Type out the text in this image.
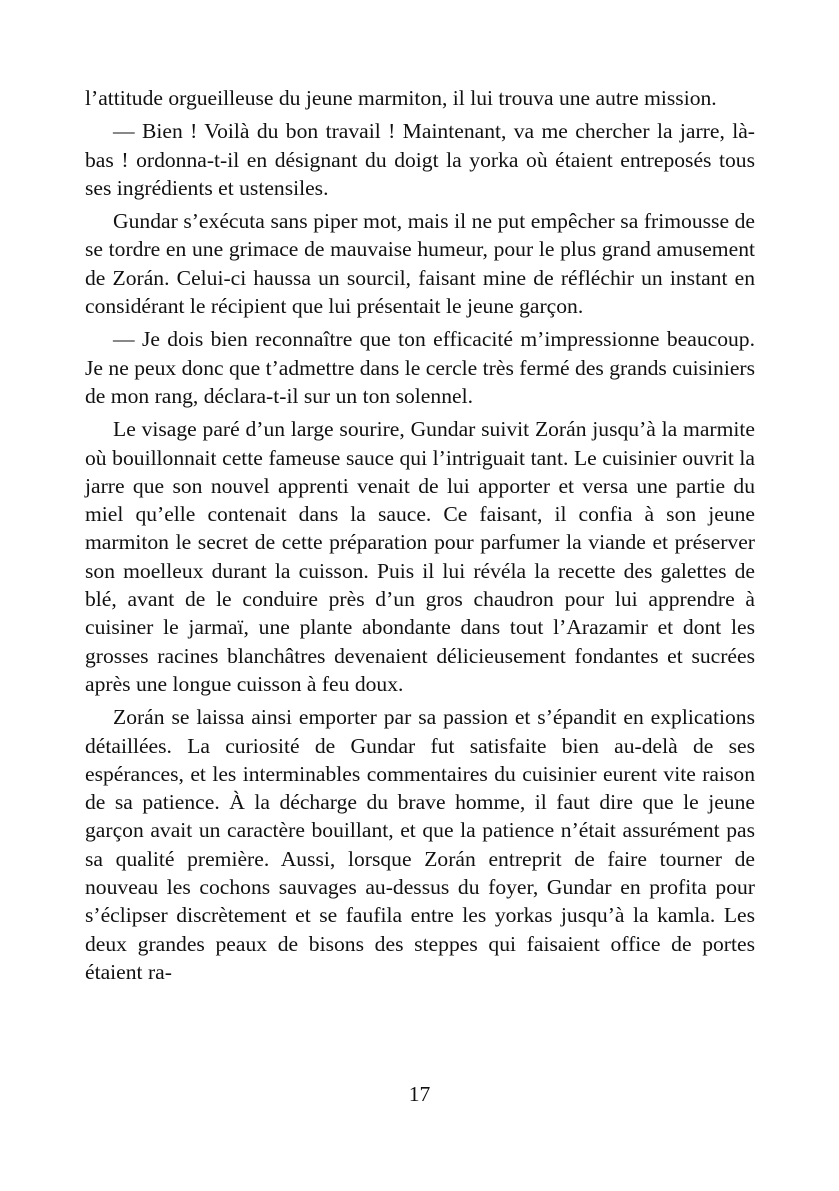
l’attitude orgueilleuse du jeune marmiton, il lui trouva une autre mission.

— Bien ! Voilà du bon travail ! Maintenant, va me chercher la jarre, là-bas ! ordonna-t-il en désignant du doigt la yorka où étaient entreposés tous ses ingrédients et ustensiles.

Gundar s’exécuta sans piper mot, mais il ne put empêcher sa frimousse de se tordre en une grimace de mauvaise humeur, pour le plus grand amusement de Zorán. Celui-ci haussa un sourcil, faisant mine de réfléchir un instant en considérant le récipient que lui présentait le jeune garçon.

— Je dois bien reconnaître que ton efficacité m’impressionne beaucoup. Je ne peux donc que t’admettre dans le cercle très fermé des grands cuisiniers de mon rang, déclara-t-il sur un ton solennel.

Le visage paré d’un large sourire, Gundar suivit Zorán jusqu’à la marmite où bouillonnait cette fameuse sauce qui l’intriguait tant. Le cuisinier ouvrit la jarre que son nouvel apprenti venait de lui apporter et versa une partie du miel qu’elle contenait dans la sauce. Ce faisant, il confia à son jeune marmiton le secret de cette préparation pour parfumer la viande et préserver son moelleux durant la cuisson. Puis il lui révéla la recette des galettes de blé, avant de le conduire près d’un gros chaudron pour lui apprendre à cuisiner le jarmaï, une plante abondante dans tout l’Arazamir et dont les grosses racines blanchâtres devenaient délicieusement fondantes et sucrées après une longue cuisson à feu doux.

Zorán se laissa ainsi emporter par sa passion et s’épandit en explications détaillées. La curiosité de Gundar fut satisfaite bien au-delà de ses espérances, et les interminables commentaires du cuisinier eurent vite raison de sa patience. À la décharge du brave homme, il faut dire que le jeune garçon avait un caractère bouillant, et que la patience n’était assurément pas sa qualité première. Aussi, lorsque Zorán entreprit de faire tourner de nouveau les cochons sauvages au-dessus du foyer, Gundar en profita pour s’éclipser discrètement et se faufila entre les yorkas jusqu’à la kamla. Les deux grandes peaux de bisons des steppes qui faisaient office de portes étaient ra-

17
